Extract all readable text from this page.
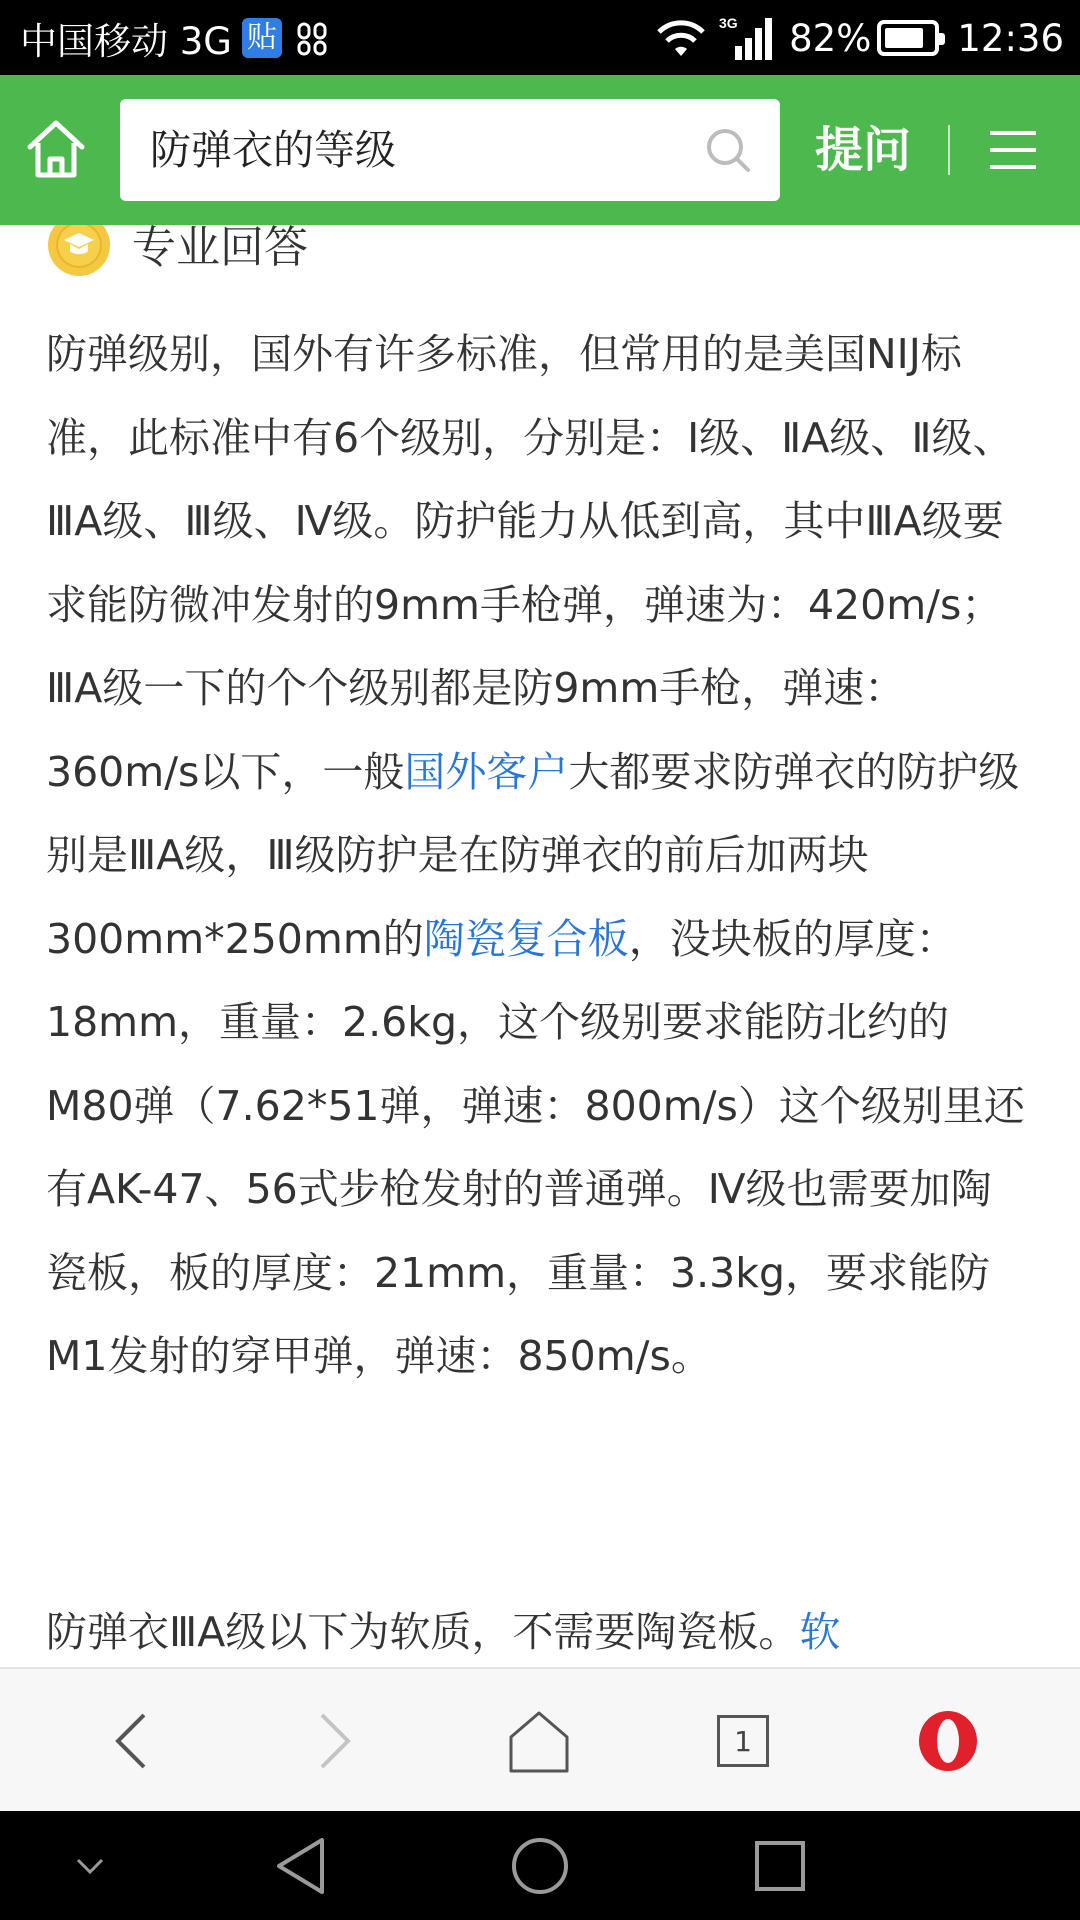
中国移动 3G 贴	3G 82% 12:36
防弹衣的等级	提问
专业回答

防弹级别，国外有许多标准，但常用的是美国NIJ标准，此标准中有6个级别，分别是：Ⅰ级、ⅡA级、Ⅱ级、ⅢA级、Ⅲ级、Ⅳ级。防护能力从低到高，其中ⅢA级要求能防微冲发射的9mm手枪弹，弹速为：420m/s；ⅢA级一下的个个级别都是防9mm手枪，弹速：360m/s以下，一般国外客户大都要求防弹衣的防护级别是ⅢA级，Ⅲ级防护是在防弹衣的前后加两块300mm*250mm的陶瓷复合板，没块板的厚度：18mm，重量：2.6kg，这个级别要求能防北约的M80弹（7.62*51弹，弹速：800m/s）这个级别里还有AK-47、56式步枪发射的普通弹。Ⅳ级也需要加陶瓷板，板的厚度：21mm，重量：3.3kg，要求能防M1发射的穿甲弹，弹速：850m/s。

防弹衣ⅢA级以下为软质，不需要陶瓷板。软

1
